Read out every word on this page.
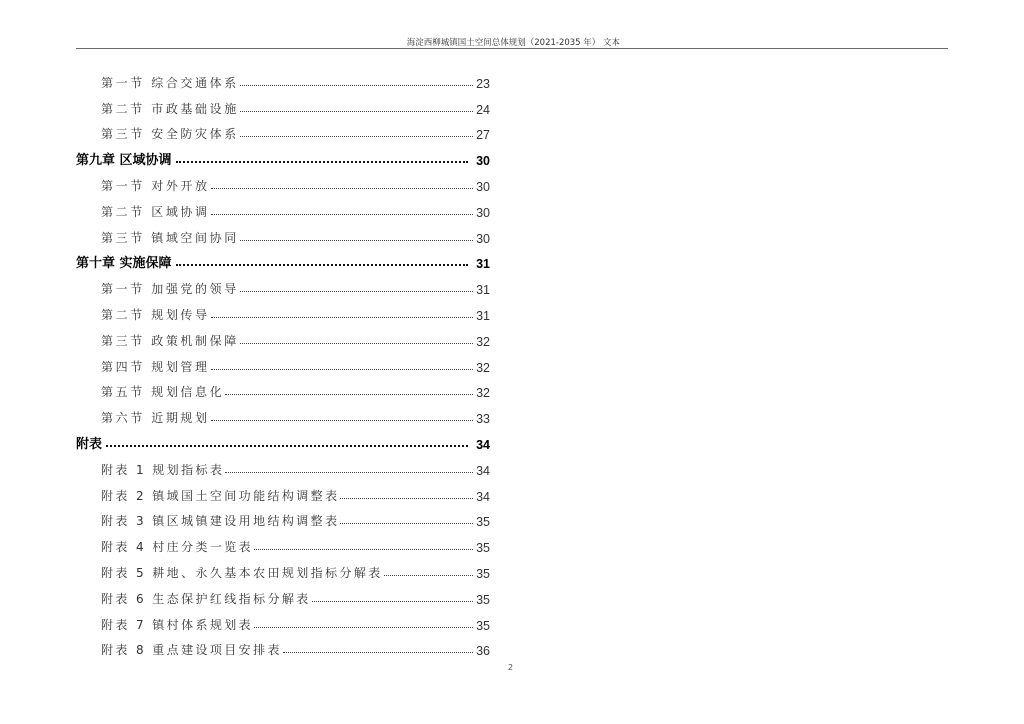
海淀西柳城镇国土空间总体规划（2021-2035 年） 文本
第一节 综合交通体系	23
第二节 市政基础设施	24
第三节 安全防灾体系	27
第九章 区域协调	30
第一节 对外开放	30
第二节 区域协调	30
第三节 镇域空间协同	30
第十章 实施保障	31
第一节 加强党的领导	31
第二节 规划传导	31
第三节 政策机制保障	32
第四节 规划管理	32
第五节 规划信息化	32
第六节 近期规划	33
附表	34
附表 1 规划指标表	34
附表 2 镇域国土空间功能结构调整表	34
附表 3 镇区城镇建设用地结构调整表	35
附表 4 村庄分类一览表	35
附表 5 耕地、永久基本农田规划指标分解表	35
附表 6 生态保护红线指标分解表	35
附表 7 镇村体系规划表	35
附表 8 重点建设项目安排表	36
2
